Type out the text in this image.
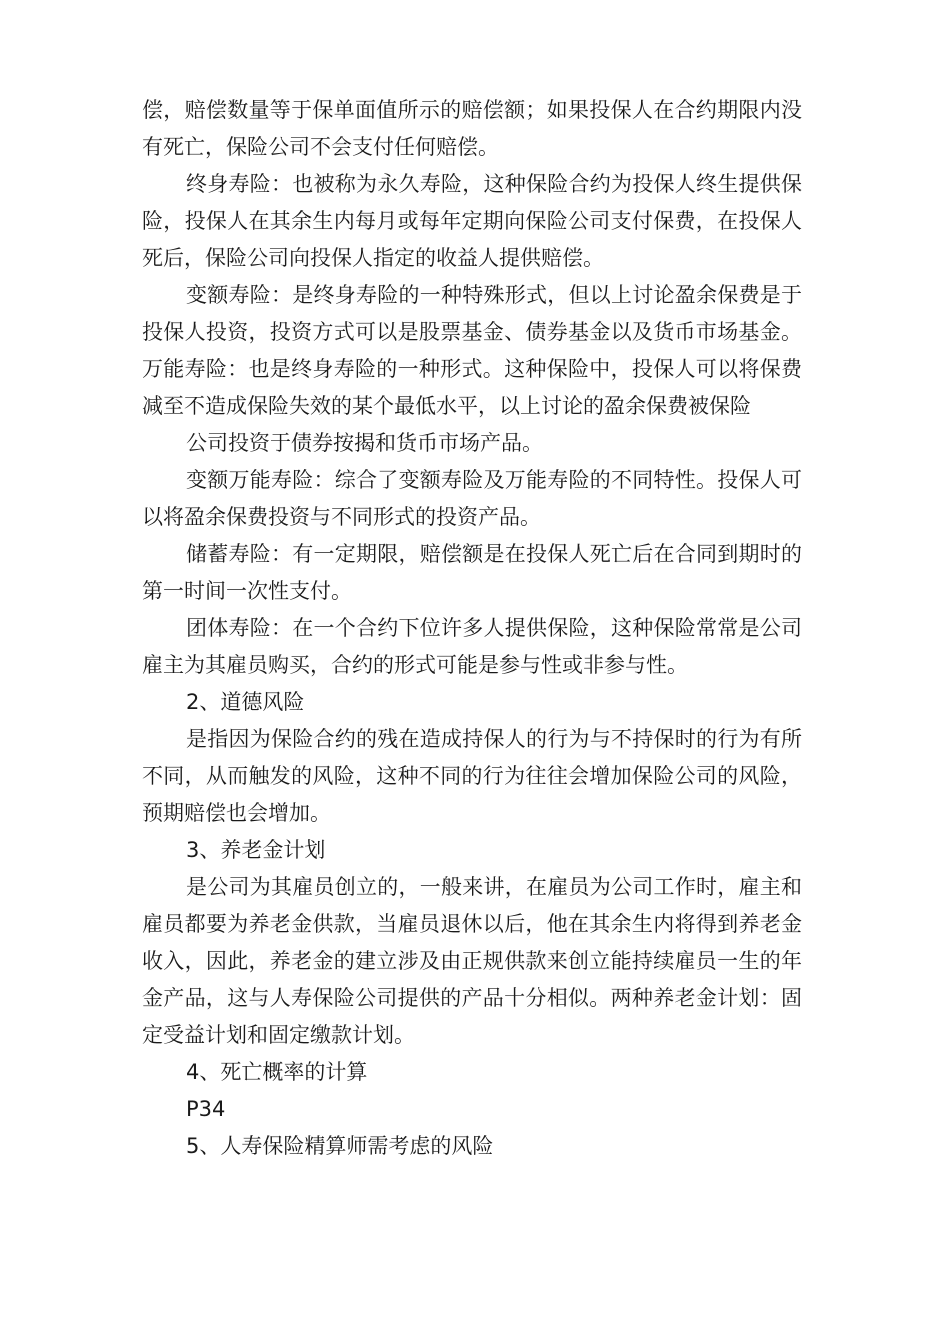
偿，赔偿数量等于保单面值所示的赔偿额；如果投保人在合约期限内没有死亡，保险公司不会支付任何赔偿。

终身寿险：也被称为永久寿险，这种保险合约为投保人终生提供保险，投保人在其余生内每月或每年定期向保险公司支付保费，在投保人死后，保险公司向投保人指定的收益人提供赔偿。

变额寿险：是终身寿险的一种特殊形式，但以上讨论盈余保费是于投保人投资，投资方式可以是股票基金、债券基金以及货币市场基金。万能寿险：也是终身寿险的一种形式。这种保险中，投保人可以将保费减至不造成保险失效的某个最低水平，以上讨论的盈余保费被保险

公司投资于债券按揭和货币市场产品。

变额万能寿险：综合了变额寿险及万能寿险的不同特性。投保人可以将盈余保费投资与不同形式的投资产品。

储蓄寿险：有一定期限，赔偿额是在投保人死亡后在合同到期时的第一时间一次性支付。

团体寿险：在一个合约下位许多人提供保险，这种保险常常是公司雇主为其雇员购买，合约的形式可能是参与性或非参与性。

2、道德风险

是指因为保险合约的残在造成持保人的行为与不持保时的行为有所不同，从而触发的风险，这种不同的行为往往会增加保险公司的风险，预期赔偿也会增加。

3、养老金计划

是公司为其雇员创立的，一般来讲，在雇员为公司工作时，雇主和雇员都要为养老金供款，当雇员退休以后，他在其余生内将得到养老金收入，因此，养老金的建立涉及由正规供款来创立能持续雇员一生的年金产品，这与人寿保险公司提供的产品十分相似。两种养老金计划：固定受益计划和固定缴款计划。

4、死亡概率的计算

P34

5、人寿保险精算师需考虑的风险
